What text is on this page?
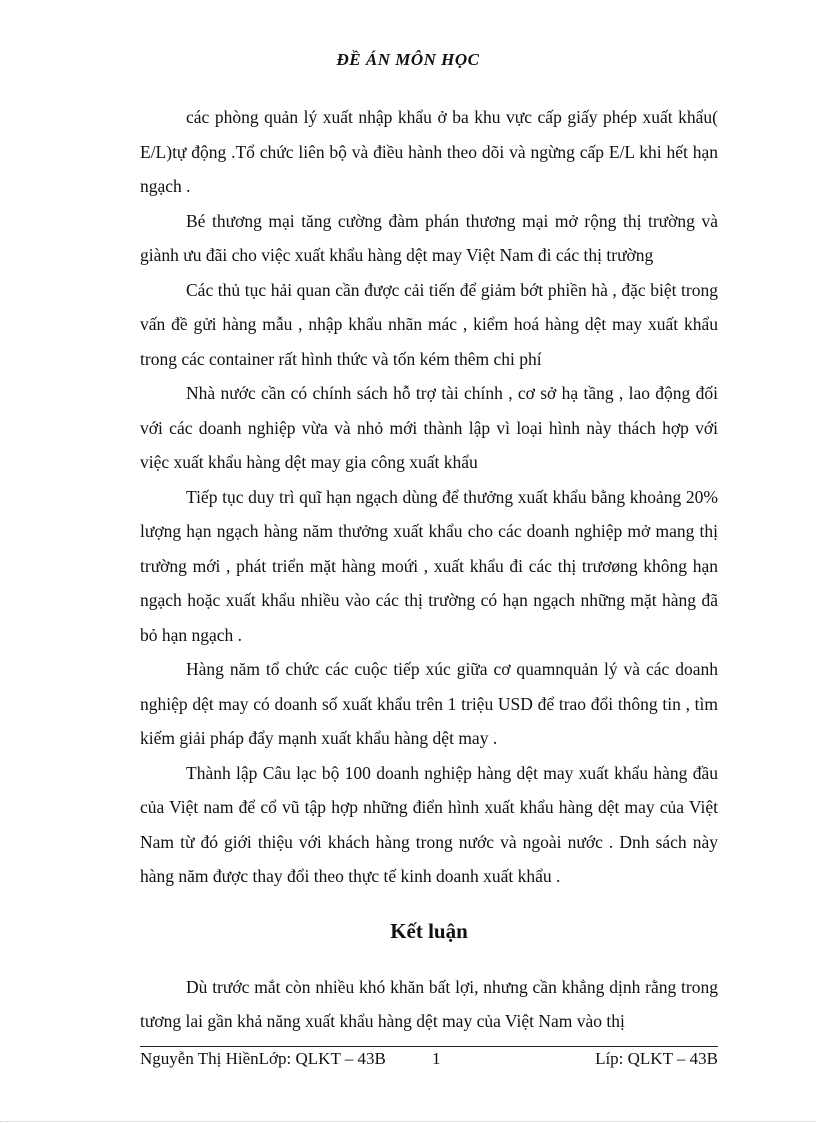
ĐỀ ÁN MÔN HỌC

các phòng quản lý xuất nhập khẩu ở ba khu vực cấp giấy phép xuất khẩu( E/L)tự động .Tổ chức liên bộ và điều hành theo dõi và ngừng cấp E/L khi hết hạn ngạch .

Bé thương mại tăng cường đàm phán thương mại mở rộng thị trường và giành ưu đãi cho việc xuất khẩu hàng dệt may Việt Nam đi các thị trường

Các thủ tục hải quan cần được cải tiến để giảm bớt phiền hà , đặc biệt trong vấn đề gửi hàng mẫu , nhập khẩu nhãn mác , kiểm hoá hàng dệt may xuất khẩu trong các container rất hình thức và tốn kém thêm chi phí

Nhà nước cần có chính sách hỗ trợ tài chính , cơ sở hạ tầng , lao động đối với các doanh nghiệp vừa và nhỏ mới thành lập vì loại hình này thách hợp với việc xuất khẩu hàng dệt may gia công xuất khẩu

Tiếp tục duy trì quĩ hạn ngạch dùng để thưởng xuất khẩu bằng khoảng 20% lượng hạn ngạch hàng năm thưởng xuất khẩu cho các doanh nghiệp mở mang thị trường mới , phát triển mặt hàng moứi , xuất khẩu đi các thị trươøng không hạn ngạch hoặc xuất khẩu nhiều vào các thị trường có hạn ngạch những mặt hàng đã bỏ hạn ngạch .

Hàng năm tổ chức các cuộc tiếp xúc giữa cơ quamnquản lý và các doanh nghiệp dệt may có doanh số xuất khẩu trên 1 triệu USD để trao đổi thông tin , tìm kiếm giải pháp đẩy mạnh xuất khẩu hàng dệt may .

Thành lập Câu lạc bộ 100 doanh nghiệp hàng dệt may xuất khẩu hàng đầu của Việt nam để cổ vũ tập hợp những điển hình xuất khẩu hàng dệt may của Việt Nam từ đó giới thiệu với khách hàng trong nước và ngoài nước . Dnh sách này hàng năm được thay đổi theo thực tế kinh doanh xuất khẩu .

Kết luận

Dù trước mắt còn nhiều khó khăn bất lợi, nhưng cần khẳng dịnh rằng trong tương lai gần khả năng xuất khẩu hàng dệt may của Việt Nam vào thị

Nguyễn Thị HiềnLớp: QLKT – 43B	1	Líp: QLKT – 43B
